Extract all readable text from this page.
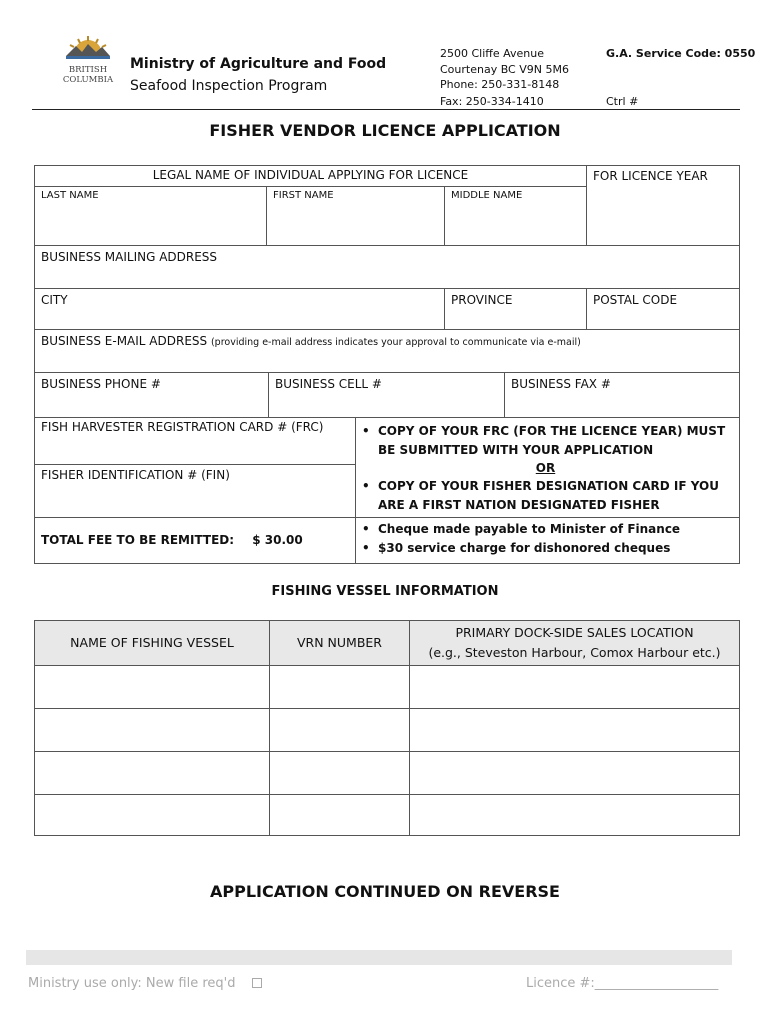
BRITISH
COLUMBIA
Ministry of Agriculture and Food
Seafood Inspection Program
2500 Cliffe Avenue
Courtenay BC V9N 5M6
Phone: 250-331-8148
Fax: 250-334-1410
G.A. Service Code: 0550
Ctrl #
FISHER VENDOR LICENCE APPLICATION
LEGAL NAME OF INDIVIDUAL APPLYING FOR LICENCE	FOR LICENCE YEAR
LAST NAME	FIRST NAME	MIDDLE NAME
BUSINESS MAILING ADDRESS
CITY	PROVINCE	POSTAL CODE
BUSINESS E-MAIL ADDRESS (providing e-mail address indicates your approval to communicate via e-mail)
BUSINESS PHONE #	BUSINESS CELL #	BUSINESS FAX #
FISH HARVESTER REGISTRATION CARD # (FRC)
FISHER IDENTIFICATION # (FIN)
• COPY OF YOUR FRC (FOR THE LICENCE YEAR) MUST BE SUBMITTED WITH YOUR APPLICATION
OR
• COPY OF YOUR FISHER DESIGNATION CARD IF YOU ARE A FIRST NATION DESIGNATED FISHER
TOTAL FEE TO BE REMITTED: $ 30.00
• Cheque made payable to Minister of Finance
• $30 service charge for dishonored cheques
FISHING VESSEL INFORMATION
NAME OF FISHING VESSEL	VRN NUMBER	PRIMARY DOCK-SIDE SALES LOCATION
(e.g., Steveston Harbour, Comox Harbour etc.)

APPLICATION CONTINUED ON REVERSE
Ministry use only: New file req'd	Licence #:___________________
